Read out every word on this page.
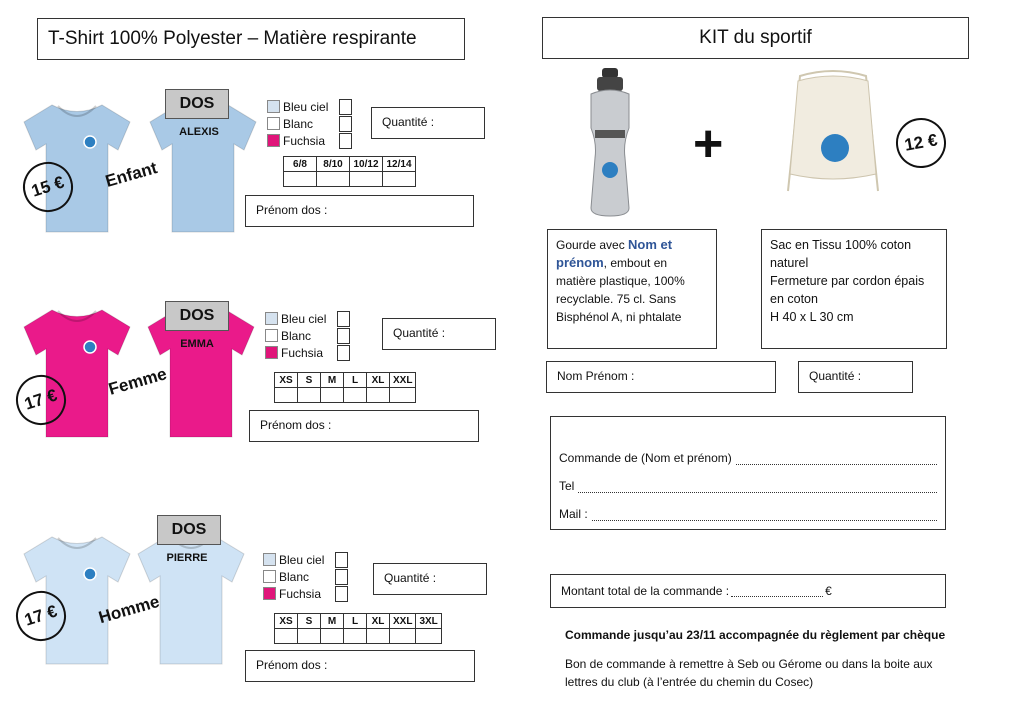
T-Shirt 100% Polyester – Matière respirante	KIT du sportif
15 €	Enfant
DOS
ALEXIS
Bleu ciel
Blanc
Fuchsia
Quantité :
6/8	8/10	10/12	12/14

Prénom dos :
17 €
Femme
DOS
EMMA
Bleu ciel
Blanc
Fuchsia
Quantité :
XS	S	M	L	XL	XXL

Prénom dos :
17 €	Homme
DOS
PIERRE	Bleu ciel
Blanc
Fuchsia
Quantité :
XS	S	M	L	XL	XXL	3XL

Prénom dos :
+	12 €
Gourde avec Nom et prénom, embout en matière plastique, 100% recyclable. 75 cl. Sans Bisphénol A, ni phtalate
Sac en Tissu 100% coton naturel
Fermeture par cordon épais en coton
H 40 x L 30 cm
Nom Prénom :	Quantité :
Commande de (Nom et prénom)
Tel
Mail :
Montant total de la commande :	€
Commande jusqu’au 23/11 accompagnée du règlement par chèque
Bon de commande à remettre à Seb ou Gérome ou dans la boite aux lettres du club (à l’entrée du chemin du Cosec)
